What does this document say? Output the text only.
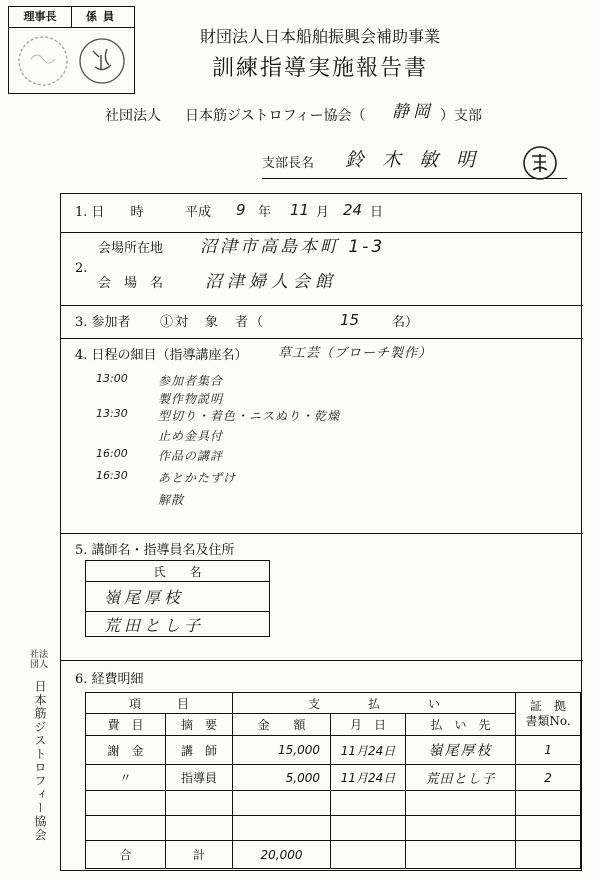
理事長	係員
財団法人日本船舶振興会補助事業
訓練指導実施報告書
社団法人 日本筋ジストロフィー協会（ 静岡 ）支部
支部長名 鈴木敏明
1. 日　　時	平成 9 年 11 月 24 日
会場所在地 沼津市高島本町 1-3
2.
会　場　名 沼津婦人会館
3. 参加者 ①対　象　者（	15	名）
4. 日程の細目（指導講座名） 草工芸（ブローチ製作）
13:00	参加者集合
製作物説明
13:30	型切り・着色・ニスぬり・乾燥
止め金具付
16:00	作品の講評
16:30	あとかたずけ
解散
5. 講師名・指導員名及住所
氏　　名
嶺尾厚枝
荒田とし子
6. 経費明細
項　　　目		支　　　　払　　　　い			証　拠
書類No.

費　目	摘　要	金　　額	月　日	払　い　先	
謝　金	講　師	15,000	11月24日	嶺尾厚枝	1
〃	指導員	5,000	11月24日	荒田とし子	2

合	計	20,000			
社法
団人
日本筋ジストロフィー協会
